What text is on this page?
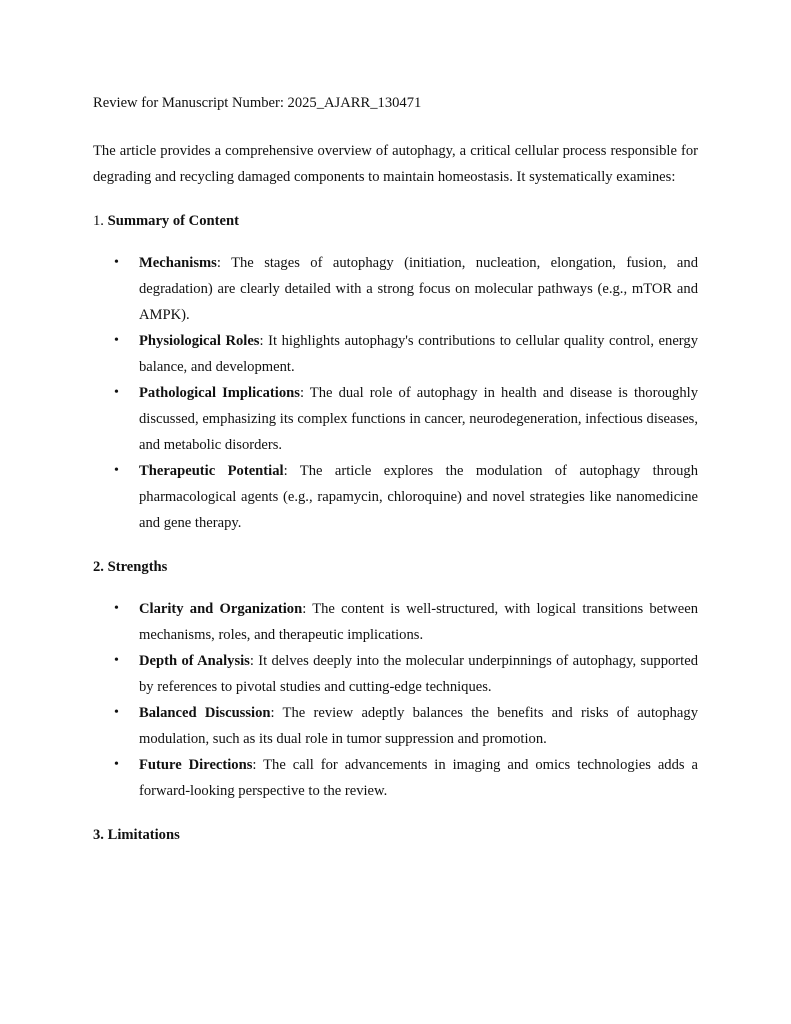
Review for Manuscript Number: 2025_AJARR_130471

The article provides a comprehensive overview of autophagy, a critical cellular process responsible for degrading and recycling damaged components to maintain homeostasis. It systematically examines:

1. Summary of Content

• Mechanisms: The stages of autophagy (initiation, nucleation, elongation, fusion, and degradation) are clearly detailed with a strong focus on molecular pathways (e.g., mTOR and AMPK).
• Physiological Roles: It highlights autophagy's contributions to cellular quality control, energy balance, and development.
• Pathological Implications: The dual role of autophagy in health and disease is thoroughly discussed, emphasizing its complex functions in cancer, neurodegeneration, infectious diseases, and metabolic disorders.
• Therapeutic Potential: The article explores the modulation of autophagy through pharmacological agents (e.g., rapamycin, chloroquine) and novel strategies like nanomedicine and gene therapy.

2. Strengths

• Clarity and Organization: The content is well-structured, with logical transitions between mechanisms, roles, and therapeutic implications.
• Depth of Analysis: It delves deeply into the molecular underpinnings of autophagy, supported by references to pivotal studies and cutting-edge techniques.
• Balanced Discussion: The review adeptly balances the benefits and risks of autophagy modulation, such as its dual role in tumor suppression and promotion.
• Future Directions: The call for advancements in imaging and omics technologies adds a forward-looking perspective to the review.

3. Limitations
